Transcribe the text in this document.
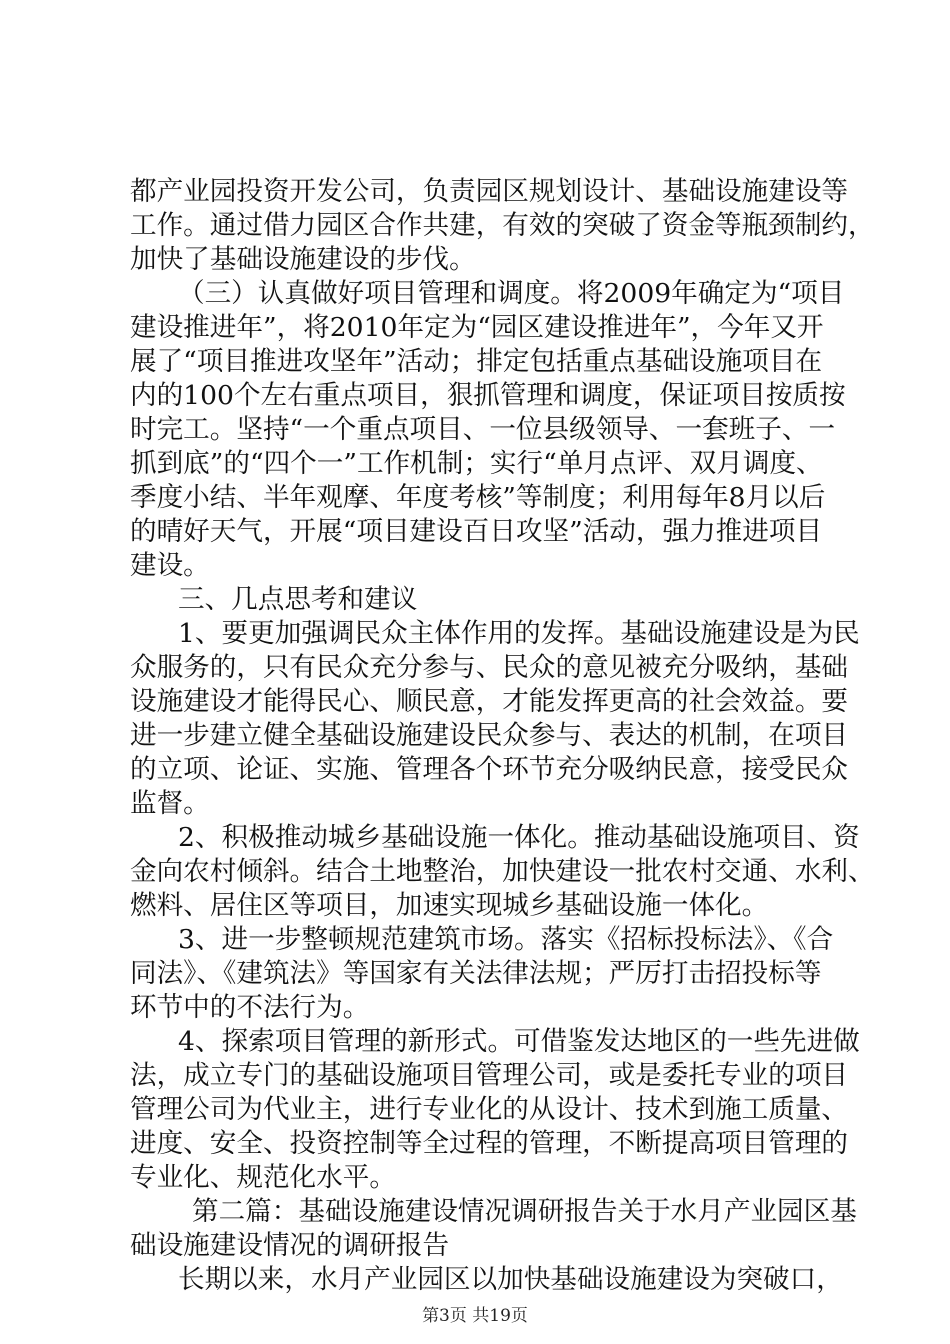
都产业园投资开发公司，负责园区规划设计、基础设施建设等
工作。通过借力园区合作共建，有效的突破了资金等瓶颈制约，
加快了基础设施建设的步伐。
（三）认真做好项目管理和调度。将2009年确定为“项目
建设推进年”，将2010年定为“园区建设推进年”，今年又开
展了“项目推进攻坚年”活动；排定包括重点基础设施项目在
内的100个左右重点项目，狠抓管理和调度，保证项目按质按
时完工。坚持“一个重点项目、一位县级领导、一套班子、一
抓到底”的“四个一”工作机制；实行“单月点评、双月调度、
季度小结、半年观摩、年度考核”等制度；利用每年8月以后
的晴好天气，开展“项目建设百日攻坚”活动，强力推进项目
建设。
三、几点思考和建议
1、要更加强调民众主体作用的发挥。基础设施建设是为民
众服务的，只有民众充分参与、民众的意见被充分吸纳，基础
设施建设才能得民心、顺民意，才能发挥更高的社会效益。要
进一步建立健全基础设施建设民众参与、表达的机制，在项目
的立项、论证、实施、管理各个环节充分吸纳民意，接受民众
监督。
2、积极推动城乡基础设施一体化。推动基础设施项目、资
金向农村倾斜。结合土地整治，加快建设一批农村交通、水利、
燃料、居住区等项目，加速实现城乡基础设施一体化。
3、进一步整顿规范建筑市场。落实《招标投标法》、《合
同法》、《建筑法》等国家有关法律法规；严厉打击招投标等
环节中的不法行为。
4、探索项目管理的新形式。可借鉴发达地区的一些先进做
法，成立专门的基础设施项目管理公司，或是委托专业的项目
管理公司为代业主，进行专业化的从设计、技术到施工质量、
进度、安全、投资控制等全过程的管理，不断提高项目管理的
专业化、规范化水平。
第二篇：基础设施建设情况调研报告关于水月产业园区基
础设施建设情况的调研报告
长期以来，水月产业园区以加快基础设施建设为突破口，
第3页 共19页
